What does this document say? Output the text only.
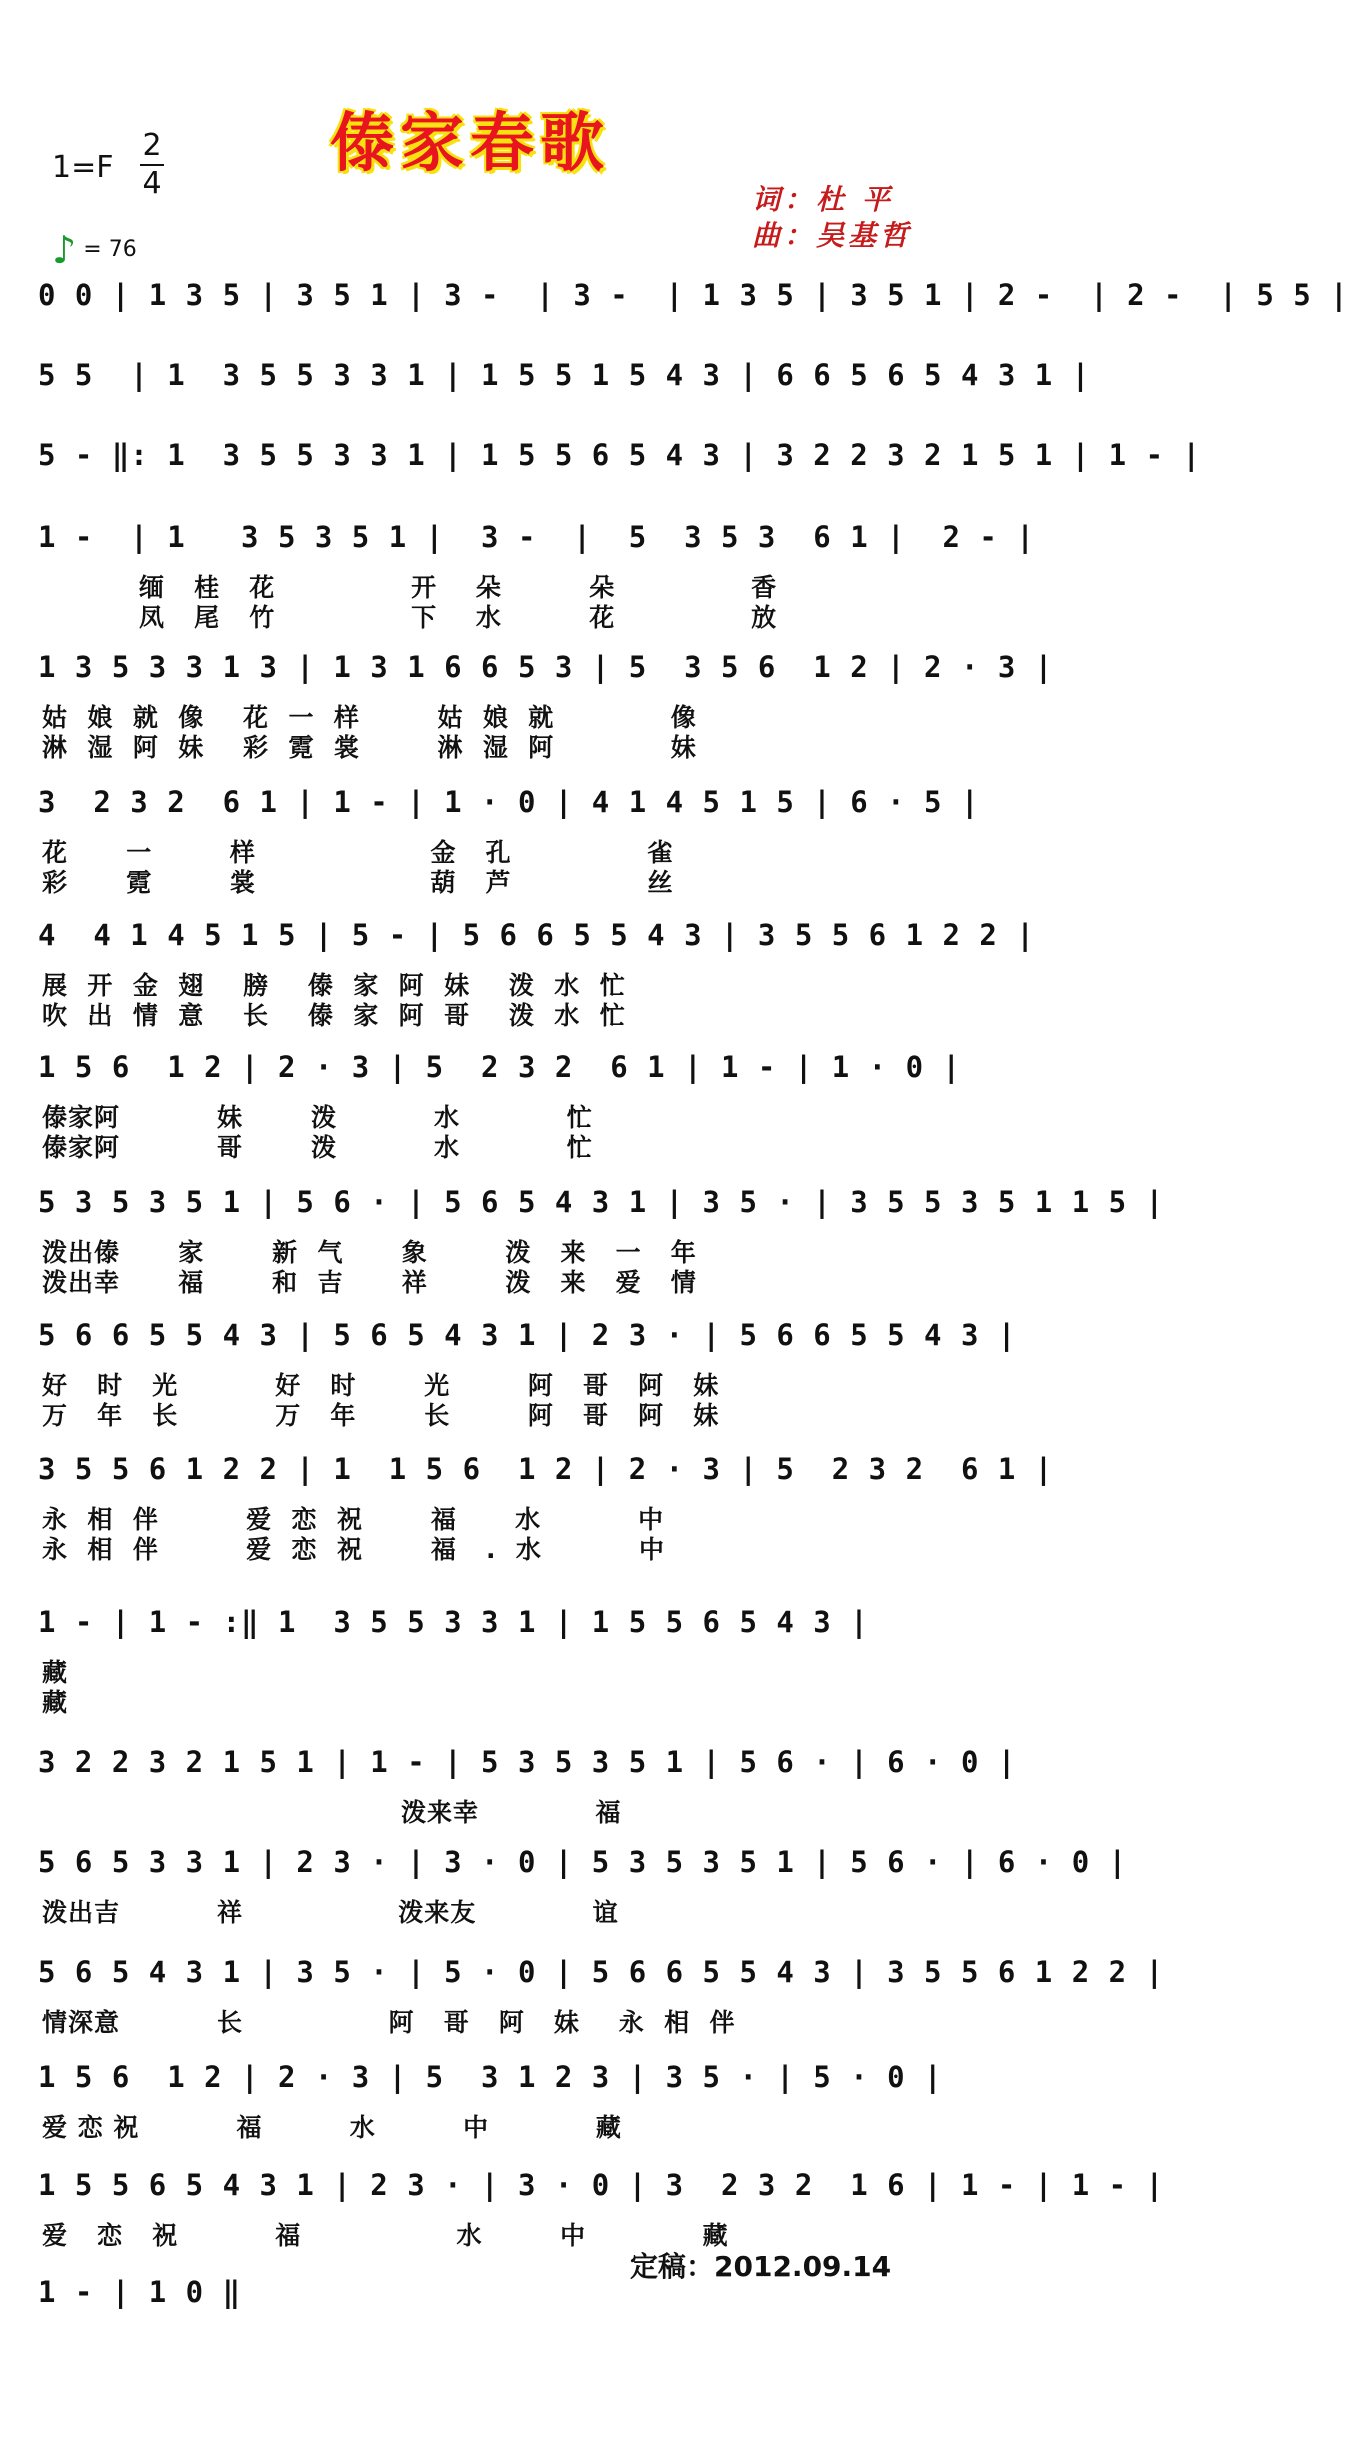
傣家春歌
1=F
2
4
♪ = 76
词：杜 平
曲：吴基哲
0 0 | 1 3 5 | 3 5 1 | 3 -  | 3 -  | 1 3 5 | 3 5 1 | 2 -  | 2 -  | 5 5 |
5 5  | 1  3 5 5 3 3 1 | 1 5 5 1 5 4 3 | 6 6 5 6 5 4 3 1 |
5 - ‖: 1  3 5 5 3 3 1 | 1 5 5 6 5 4 3 | 3 2 2 3 2 1 5 1 | 1 - |
1 -  | 1   3 5 3 5 1 |  3 -  |  5  3 5 3  6 1 |  2 - |
缅   桂   花              开    朵         朵              香
凤   尾   竹              下    水         花              放
1 3 5 3 3 1 3 | 1 3 1 6 6 5 3 | 5  3 5 6  1 2 | 2 · 3 |
姑  娘  就  像    花  一  样        姑  娘  就            像
淋  湿  阿  妹    彩  霓  裳        淋  湿  阿            妹
3  2 3 2  6 1 | 1 - | 1 · 0 | 4 1 4 5 1 5 | 6 · 5 |
花      一        样                  金   孔              雀
彩      霓        裳                  葫   芦              丝
4  4 1 4 5 1 5 | 5 - | 5 6 6 5 5 4 3 | 3 5 5 6 1 2 2 |
展  开  金  翅    膀    傣  家  阿  妹    泼  水  忙
吹  出  情  意    长    傣  家  阿  哥    泼  水  忙
1 5 6  1 2 | 2 · 3 | 5  2 3 2  6 1 | 1 - | 1 · 0 |
傣家阿          妹       泼          水           忙
傣家阿          哥       泼          水           忙
5 3 5 3 5 1 | 5 6 · | 5 6 5 4 3 1 | 3 5 · | 3 5 5 3 5 1 1 5 |
泼出傣      家       新  气      象        泼   来   一   年
泼出幸      福       和  吉      祥        泼   来   爱   情
5 6 6 5 5 4 3 | 5 6 5 4 3 1 | 2 3 · | 5 6 6 5 5 4 3 |
好   时   光          好   时       光        阿   哥   阿   妹
万   年   长          万   年       长        阿   哥   阿   妹
3 5 5 6 1 2 2 | 1  1 5 6  1 2 | 2 · 3 | 5  2 3 2  6 1 |
永  相  伴         爱  恋  祝       福      水          中
永  相  伴         爱  恋  祝       福   .  水          中
1 - | 1 - :‖ 1  3 5 5 3 3 1 | 1 5 5 6 5 4 3 |
藏
藏
3 2 2 3 2 1 5 1 | 1 - | 5 3 5 3 5 1 | 5 6 · | 6 · 0 |
泼来幸            福
5 6 5 3 3 1 | 2 3 · | 3 · 0 | 5 3 5 3 5 1 | 5 6 · | 6 · 0 |
泼出吉          祥                泼来友            谊
5 6 5 4 3 1 | 3 5 · | 5 · 0 | 5 6 6 5 5 4 3 | 3 5 5 6 1 2 2 |
情深意          长               阿   哥   阿   妹    永  相  伴
1 5 6  1 2 | 2 · 3 | 5  3 1 2 3 | 3 5 · | 5 · 0 |
爱 恋 祝          福         水         中           藏
1 5 5 6 5 4 3 1 | 2 3 · | 3 · 0 | 3  2 3 2  1 6 | 1 - | 1 - |
爱   恋   祝          福                水        中            藏
1 - | 1 0 ‖
定稿：2012.09.14
